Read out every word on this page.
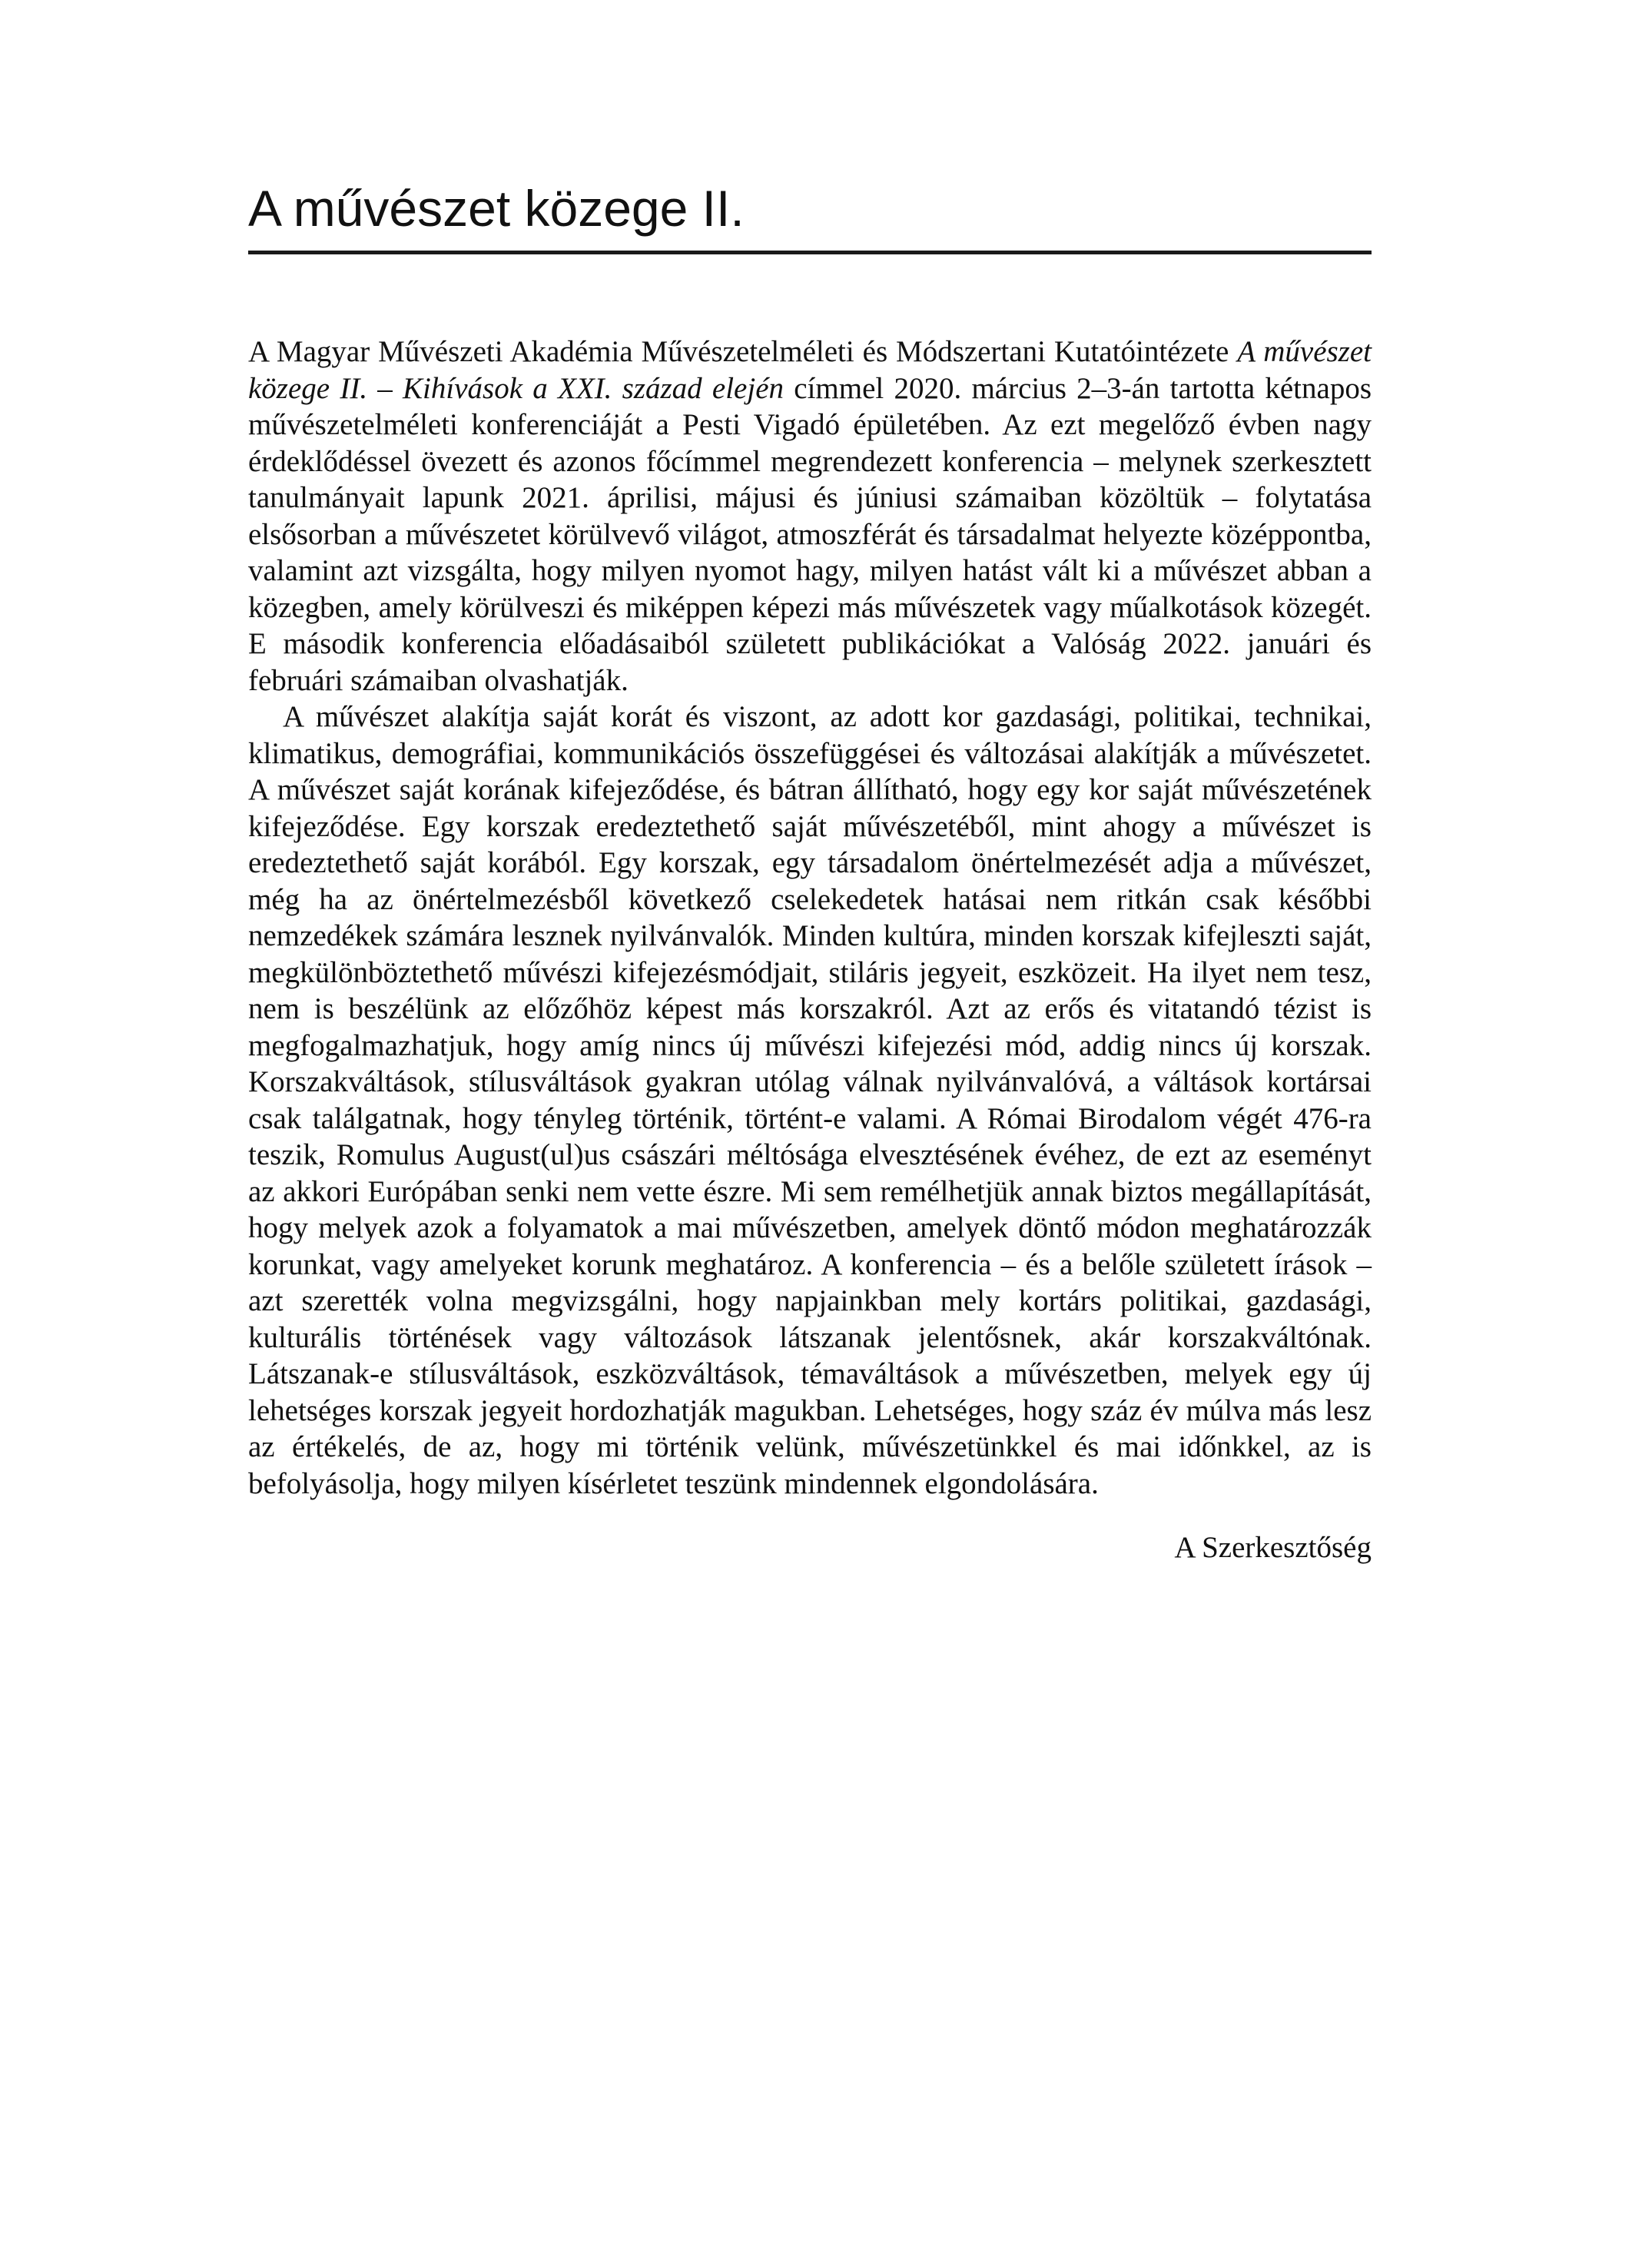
A művészet közege II.

A Magyar Művészeti Akadémia Művészetelméleti és Módszertani Kutatóintézete A művészet közege II. – Kihívások a XXI. század elején címmel 2020. március 2–3-án tartotta kétnapos művészetelméleti konferenciáját a Pesti Vigadó épületében. Az ezt megelőző évben nagy érdeklődéssel övezett és azonos főcímmel megrendezett konferencia – melynek szerkesztett tanulmányait lapunk 2021. áprilisi, májusi és júniusi számaiban közöltük – folytatása elsősorban a művészetet körülvevő világot, atmoszférát és társadalmat helyezte középpontba, valamint azt vizsgálta, hogy milyen nyomot hagy, milyen hatást vált ki a művészet abban a közegben, amely körülveszi és miképpen képezi más művészetek vagy műalkotások közegét. E második konferencia előadásaiból született publikációkat a Valóság 2022. januári és februári számaiban olvashatják.

A művészet alakítja saját korát és viszont, az adott kor gazdasági, politikai, technikai, klimatikus, demográfiai, kommunikációs összefüggései és változásai alakítják a művészetet. A művészet saját korának kifejeződése, és bátran állítható, hogy egy kor saját művészetének kifejeződése. Egy korszak eredeztethető saját művészetéből, mint ahogy a művészet is eredeztethető saját korából. Egy korszak, egy társadalom önértelmezését adja a művészet, még ha az önértelmezésből következő cselekedetek hatásai nem ritkán csak későbbi nemzedékek számára lesznek nyilvánvalók. Minden kultúra, minden korszak kifejleszti saját, megkülönböztethető művészi kifejezésmódjait, stiláris jegyeit, eszközeit. Ha ilyet nem tesz, nem is beszélünk az előzőhöz képest más korszakról. Azt az erős és vitatandó tézist is megfogalmazhatjuk, hogy amíg nincs új művészi kifejezési mód, addig nincs új korszak. Korszakváltások, stílusváltások gyakran utólag válnak nyilvánvalóvá, a váltások kortársai csak találgatnak, hogy tényleg történik, történt-e valami. A Római Birodalom végét 476-ra teszik, Romulus August(ul)us császári méltósága elvesztésének évéhez, de ezt az eseményt az akkori Európában senki nem vette észre. Mi sem remélhetjük annak biztos megállapítását, hogy melyek azok a folyamatok a mai művészetben, amelyek döntő módon meghatározzák korunkat, vagy amelyeket korunk meghatároz. A konferencia – és a belőle született írások – azt szerették volna megvizsgálni, hogy napjainkban mely kortárs politikai, gazdasági, kulturális történések vagy változások látszanak jelentősnek, akár korszakváltónak. Látszanak-e stílusváltások, eszközváltások, témaváltások a művészetben, melyek egy új lehetséges korszak jegyeit hordozhatják magukban. Lehetséges, hogy száz év múlva más lesz az értékelés, de az, hogy mi történik velünk, művészetünkkel és mai időnkkel, az is befolyásolja, hogy milyen kísérletet teszünk mindennek elgondolására.

A Szerkesztőség
